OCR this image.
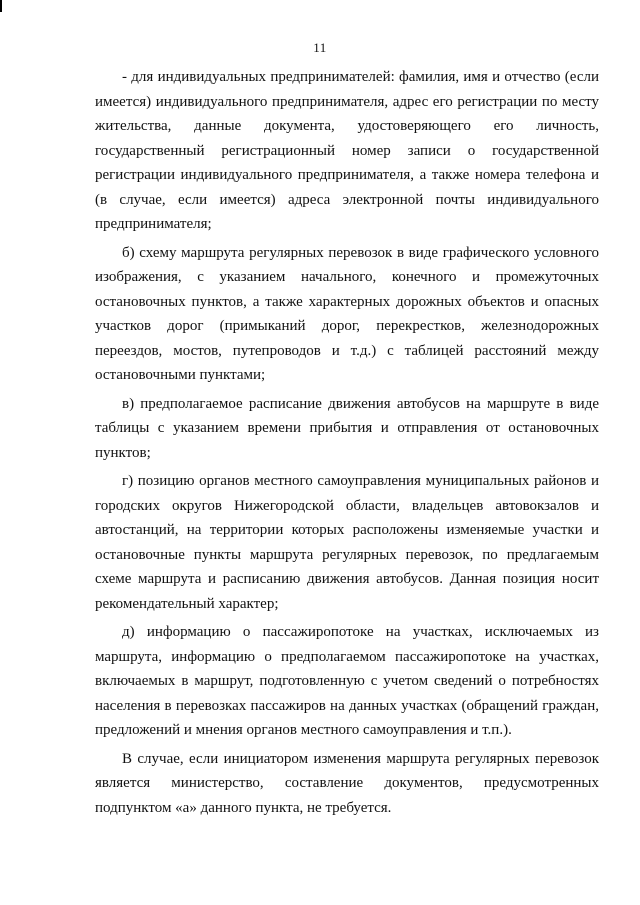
11

- для индивидуальных предпринимателей: фамилия, имя и отчество (если имеется) индивидуального предпринимателя, адрес его регистрации по месту жительства, данные документа, удостоверяющего его личность, государственный регистрационный номер записи о государственной регистрации индивидуального предпринимателя, а также номера телефона и (в случае, если имеется) адреса электронной почты индивидуального предпринимателя;

б) схему маршрута регулярных перевозок в виде графического условного изображения, с указанием начального, конечного и промежуточных остановочных пунктов, а также характерных дорожных объектов и опасных участков дорог (примыканий дорог, перекрестков, железнодорожных переездов, мостов, путепроводов и т.д.) с таблицей расстояний между остановочными пунктами;

в) предполагаемое расписание движения автобусов на маршруте в виде таблицы с указанием времени прибытия и отправления от остановочных пунктов;

г) позицию органов местного самоуправления муниципальных районов и городских округов Нижегородской области, владельцев автовокзалов и автостанций, на территории которых расположены изменяемые участки и остановочные пункты маршрута регулярных перевозок, по предлагаемым схеме маршрута и расписанию движения автобусов. Данная позиция носит рекомендательный характер;

д) информацию о пассажиропотоке на участках, исключаемых из маршрута, информацию о предполагаемом пассажиропотоке на участках, включаемых в маршрут, подготовленную с учетом сведений о потребностях населения в перевозках пассажиров на данных участках (обращений граждан, предложений и мнения органов местного самоуправления и т.п.).

В случае, если инициатором изменения маршрута регулярных перевозок является министерство, составление документов, предусмотренных подпунктом «а» данного пункта, не требуется.
